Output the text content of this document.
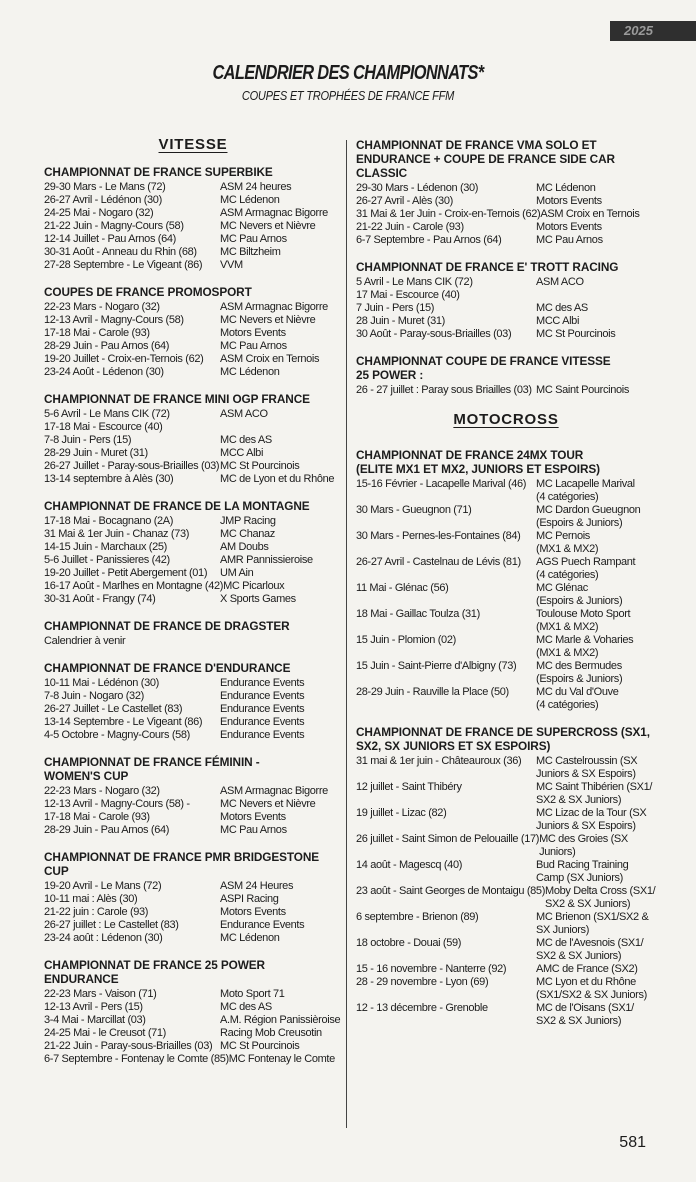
2025
CALENDRIER DES CHAMPIONNATS*
COUPES ET TROPHÉES DE FRANCE FFM
VITESSE
CHAMPIONNAT DE FRANCE SUPERBIKE
29-30 Mars - Le Mans (72)	ASM 24 heures
26-27 Avril - Lédénon (30)	MC Lédenon
24-25 Mai - Nogaro (32)	ASM Armagnac Bigorre
21-22 Juin - Magny-Cours (58)	MC Nevers et Nièvre
12-14 Juillet - Pau Arnos (64)	MC Pau Arnos
30-31 Août - Anneau du Rhin (68)	MC Biltzheim
27-28 Septembre - Le Vigeant (86)	VVM
COUPES DE FRANCE PROMOSPORT
22-23 Mars - Nogaro (32)	ASM Armagnac Bigorre
12-13 Avril - Magny-Cours (58)	MC Nevers et Nièvre
17-18 Mai - Carole (93)	Motors Events
28-29 Juin - Pau Arnos (64)	MC Pau Arnos
19-20 Juillet - Croix-en-Ternois (62)	ASM Croix en Ternois
23-24 Août - Lédenon (30)	MC Lédenon
CHAMPIONNAT DE FRANCE MINI OGP FRANCE
5-6 Avril - Le Mans CIK (72)	ASM ACO
17-18 Mai - Escource (40)
7-8 Juin - Pers (15)	MC des AS
28-29 Juin - Muret (31)	MCC Albi
26-27 Juillet - Paray-sous-Briailles (03) MC St Pourcinois
13-14 septembre à Alès (30)	MC de Lyon et du Rhône
CHAMPIONNAT DE FRANCE DE LA MONTAGNE
17-18 Mai - Bocagnano (2A)	JMP Racing
31 Mai & 1er Juin - Chanaz (73)	MC Chanaz
14-15 Juin - Marchaux (25)	AM Doubs
5-6 Juillet - Panissieres (42)	AMR Pannissieroise
19-20 Juillet - Petit Abergement (01)	UM Ain
16-17 Août - Marlhes en Montagne (42) MC Picarloux
30-31 Août - Frangy (74)	X Sports Games
CHAMPIONNAT DE FRANCE DE DRAGSTER
Calendrier à venir
CHAMPIONNAT DE FRANCE D'ENDURANCE
10-11 Mai - Lédénon (30)	Endurance Events
7-8 Juin - Nogaro (32)	Endurance Events
26-27 Juillet - Le Castellet (83)	Endurance Events
13-14 Septembre - Le Vigeant (86)	Endurance Events
4-5 Octobre - Magny-Cours (58)	Endurance Events
CHAMPIONNAT DE FRANCE FÉMININ -
WOMEN'S CUP
22-23 Mars - Nogaro (32)	ASM Armagnac Bigorre
12-13 Avril - Magny-Cours (58) -	MC Nevers et Nièvre
17-18 Mai - Carole (93)	Motors Events
28-29 Juin - Pau Arnos (64)	MC Pau Arnos
CHAMPIONNAT DE FRANCE PMR BRIDGESTONE CUP
19-20 Avril - Le Mans (72)	ASM 24 Heures
10-11 mai : Alès (30)	ASPI Racing
21-22 juin : Carole (93)	Motors Events
26-27 juillet : Le Castellet (83)	Endurance Events
23-24 août : Lédenon (30)	MC Lédenon
CHAMPIONNAT DE FRANCE 25 POWER ENDURANCE
22-23 Mars - Vaison (71)	Moto Sport 71
12-13 Avril - Pers (15)	MC des AS
3-4 Mai - Marcillat (03)	A.M. Région Panissièroise
24-25 Mai - le Creusot (71)	Racing Mob Creusotin
21-22 Juin - Paray-sous-Briailles (03) MC St Pourcinois
6-7 Septembre - Fontenay le Comte (85) MC Fontenay le Comte
CHAMPIONNAT DE FRANCE VMA SOLO ET
ENDURANCE + COUPE DE FRANCE SIDE CAR
CLASSIC
29-30 Mars - Lédenon (30)	MC Lédenon
26-27 Avril - Alès (30)	Motors Events
31 Mai & 1er Juin - Croix-en-Ternois (62) ASM Croix en Ternois
21-22 Juin - Carole (93)	Motors Events
6-7 Septembre - Pau Arnos (64)	MC Pau Arnos
CHAMPIONNAT DE FRANCE E' TROTT RACING
5 Avril - Le Mans CIK (72)	ASM ACO
17 Mai - Escource (40)
7 Juin - Pers (15)	MC des AS
28 Juin - Muret (31)	MCC Albi
30 Août - Paray-sous-Briailles (03)	MC St Pourcinois
CHAMPIONNAT COUPE DE FRANCE VITESSE
25 POWER :
26 - 27 juillet : Paray sous Briailles (03) MC Saint Pourcinois
MOTOCROSS
CHAMPIONNAT DE FRANCE 24MX TOUR
(ELITE MX1 ET MX2, JUNIORS ET ESPOIRS)
15-16 Février - Lacapelle Marival (46) MC Lacapelle Marival
(4 catégories)
30 Mars - Gueugnon (71)	MC Dardon Gueugnon
(Espoirs & Juniors)
30 Mars - Pernes-les-Fontaines (84)	MC Pernois
(MX1 & MX2)
26-27 Avril - Castelnau de Lévis (81)	AGS Puech Rampant
(4 catégories)
11 Mai - Glénac (56)	MC Glénac
(Espoirs & Juniors)
18 Mai - Gaillac Toulza (31)	Toulouse Moto Sport
(MX1 & MX2)
15 Juin - Plomion (02)	MC Marle & Voharies
(MX1 & MX2)
15 Juin - Saint-Pierre d'Albigny (73)	MC des Bermudes
(Espoirs & Juniors)
28-29 Juin - Rauville la Place (50)	MC du Val d'Ouve
(4 catégories)
CHAMPIONNAT DE FRANCE DE SUPERCROSS (SX1,
SX2, SX JUNIORS ET SX ESPOIRS)
31 mai & 1er juin - Châteauroux (36)	MC Castelroussin (SX
Juniors & SX Espoirs)
12 juillet - Saint Thibéry	MC Saint Thibérien (SX1/
SX2 & SX Juniors)
19 juillet - Lizac (82)	MC Lizac de la Tour (SX
Juniors & SX Espoirs)
26 juillet - Saint Simon de Pelouaille (17) MC des Groies (SX Juniors)
14 août - Magescq (40)	Bud Racing Training
Camp (SX Juniors)
23 août - Saint Georges de Montaigu (85) Moby Delta Cross (SX1/
SX2 & SX Juniors)
6 septembre - Brienon (89)	MC Brienon (SX1/SX2 &
SX Juniors)
18 octobre - Douai (59)	MC de l'Avesnois (SX1/
SX2 & SX Juniors)
15 - 16 novembre - Nanterre (92)	AMC de France (SX2)
28 - 29 novembre - Lyon (69)	MC Lyon et du Rhône
(SX1/SX2 & SX Juniors)
12 - 13 décembre - Grenoble	MC de l'Oisans (SX1/
SX2 & SX Juniors)
581
